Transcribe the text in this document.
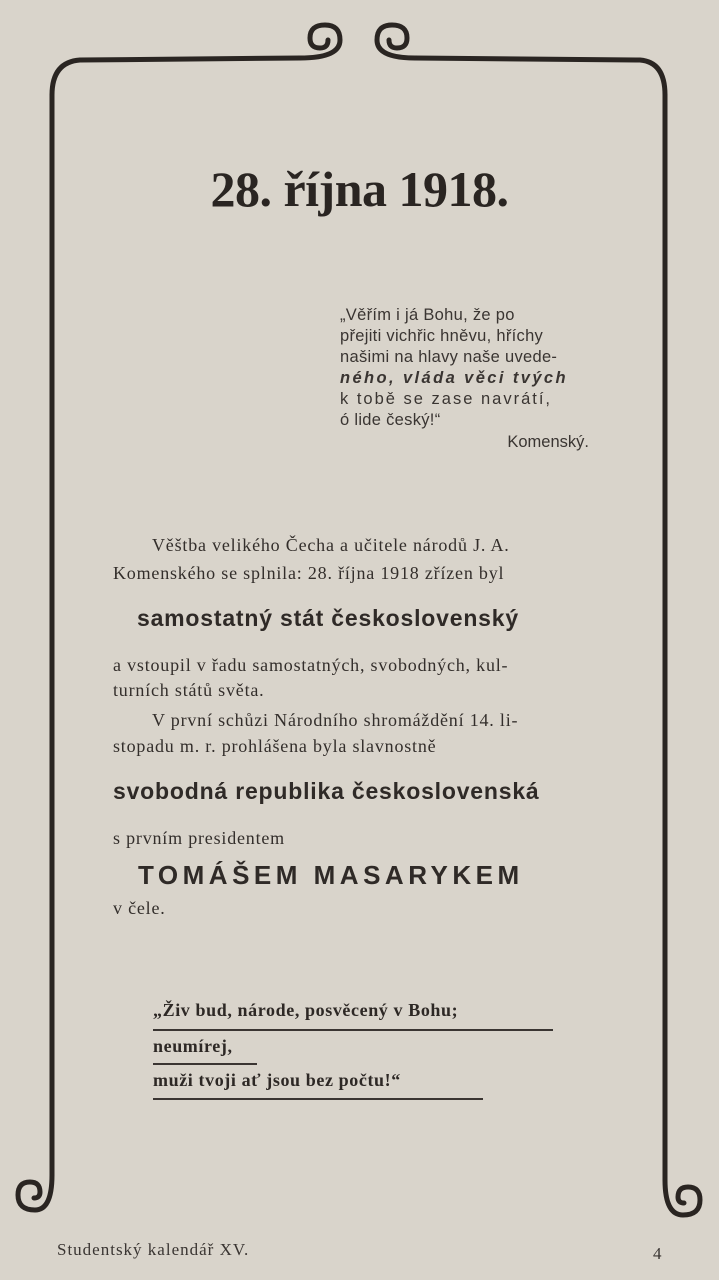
28. října 1918.
„Věřím i já Bohu, že po
přejiti vichřic hněvu, hříchy
našimi na hlavy naše uvede-
ného, vláda věci tvých
k tobě se zase navrátí,
ó lide český!“

Komenský.

Věštba velikého Čecha a učitele národů J. A.

Komenského se splnila: 28. října 1918 zřízen byl

samostatný stát československý

a vstoupil v řadu samostatných, svobodných, kul-

turních států světa.

V první schůzi Národního shromáždění 14. li-

stopadu m. r. prohlášena byla slavnostně

svobodná republika československá

s prvním presidentem

TOMÁŠEM MASARYKEM

v čele.

„Živ bud, národe, posvěcený v Bohu;

neumírej,

muži tvoji ať jsou bez počtu!“

Studentský kalendář XV.	4
